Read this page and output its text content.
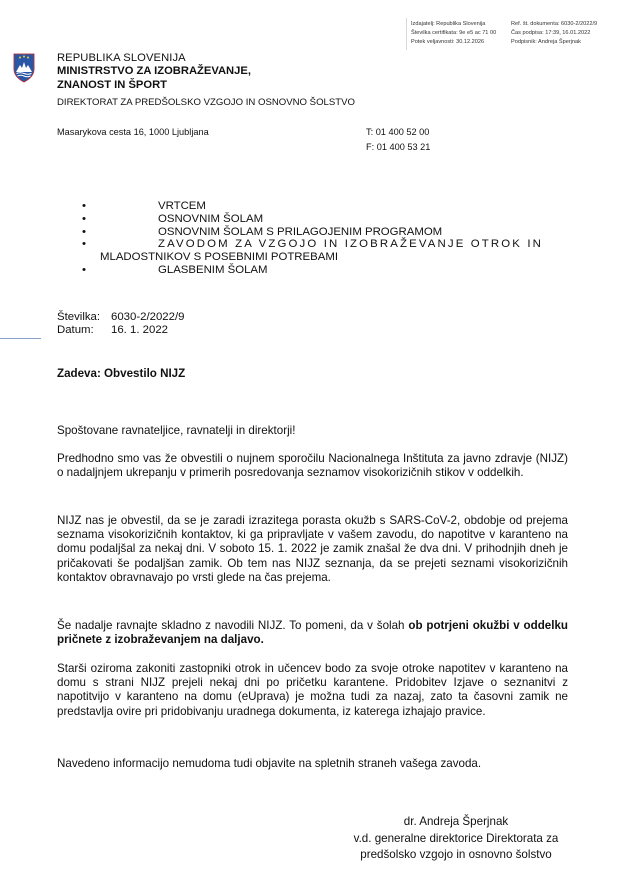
Izdajatelj: Republika Slovenija	Ref. št. dokumenta: 6030-2/2022/9
Številka certifikata: 9e e5 ac 71 00	Čas podpisa: 17:39, 16.01.2022
Potek veljavnosti: 30.12.2026	Podpisnik: Andreja Šperjnak
REPUBLIKA SLOVENIJA
MINISTRSTVO ZA IZOBRAŽEVANJE,
ZNANOST IN ŠPORT
DIREKTORAT ZA PREDŠOLSKO VZGOJO IN OSNOVNO ŠOLSTVO
Masarykova cesta 16, 1000 Ljubljana	T: 01 400 52 00
F: 01 400 53 21
•	VRTCEM
•	OSNOVNIM ŠOLAM
•	OSNOVNIM ŠOLAM S PRILAGOJENIM PROGRAMOM
•	ZAVODOM ZA VZGOJO IN IZOBRAŽEVANJE OTROK IN
MLADOSTNIKOV S POSEBNIMI POTREBAMI
•	GLASBENIM ŠOLAM
Številka: 6030-2/2022/9
Datum: 16. 1. 2022
Zadeva: Obvestilo NIJZ
Spoštovane ravnateljice, ravnatelji in direktorji!
Predhodno smo vas že obvestili o nujnem sporočilu Nacionalnega Inštituta za javno zdravje (NIJZ) o nadaljnjem ukrepanju v primerih posredovanja seznamov visokorizičnih stikov v oddelkih.
NIJZ nas je obvestil, da se je zaradi izrazitega porasta okužb s SARS-CoV-2, obdobje od prejema seznama visokorizičnih kontaktov, ki ga pripravljate v vašem zavodu, do napotitve v karanteno na domu podaljšal za nekaj dni. V soboto 15. 1. 2022 je zamik znašal že dva dni. V prihodnjih dneh je pričakovati še podaljšan zamik. Ob tem nas NIJZ seznanja, da se prejeti seznami visokorizičnih kontaktov obravnavajo po vrsti glede na čas prejema.
Še nadalje ravnajte skladno z navodili NIJZ. To pomeni, da v šolah ob potrjeni okužbi v oddelku pričnete z izobraževanjem na daljavo.
Starši oziroma zakoniti zastopniki otrok in učencev bodo za svoje otroke napotitev v karanteno na domu s strani NIJZ prejeli nekaj dni po pričetku karantene. Pridobitev Izjave o seznanitvi z napotitvijo v karanteno na domu (eUprava) je možna tudi za nazaj, zato ta časovni zamik ne predstavlja ovire pri pridobivanju uradnega dokumenta, iz katerega izhajajo pravice.
Navedeno informacijo nemudoma tudi objavite na spletnih straneh vašega zavoda.
dr. Andreja Šperjnak
v.d. generalne direktorice Direktorata za
predšolsko vzgojo in osnovno šolstvo
